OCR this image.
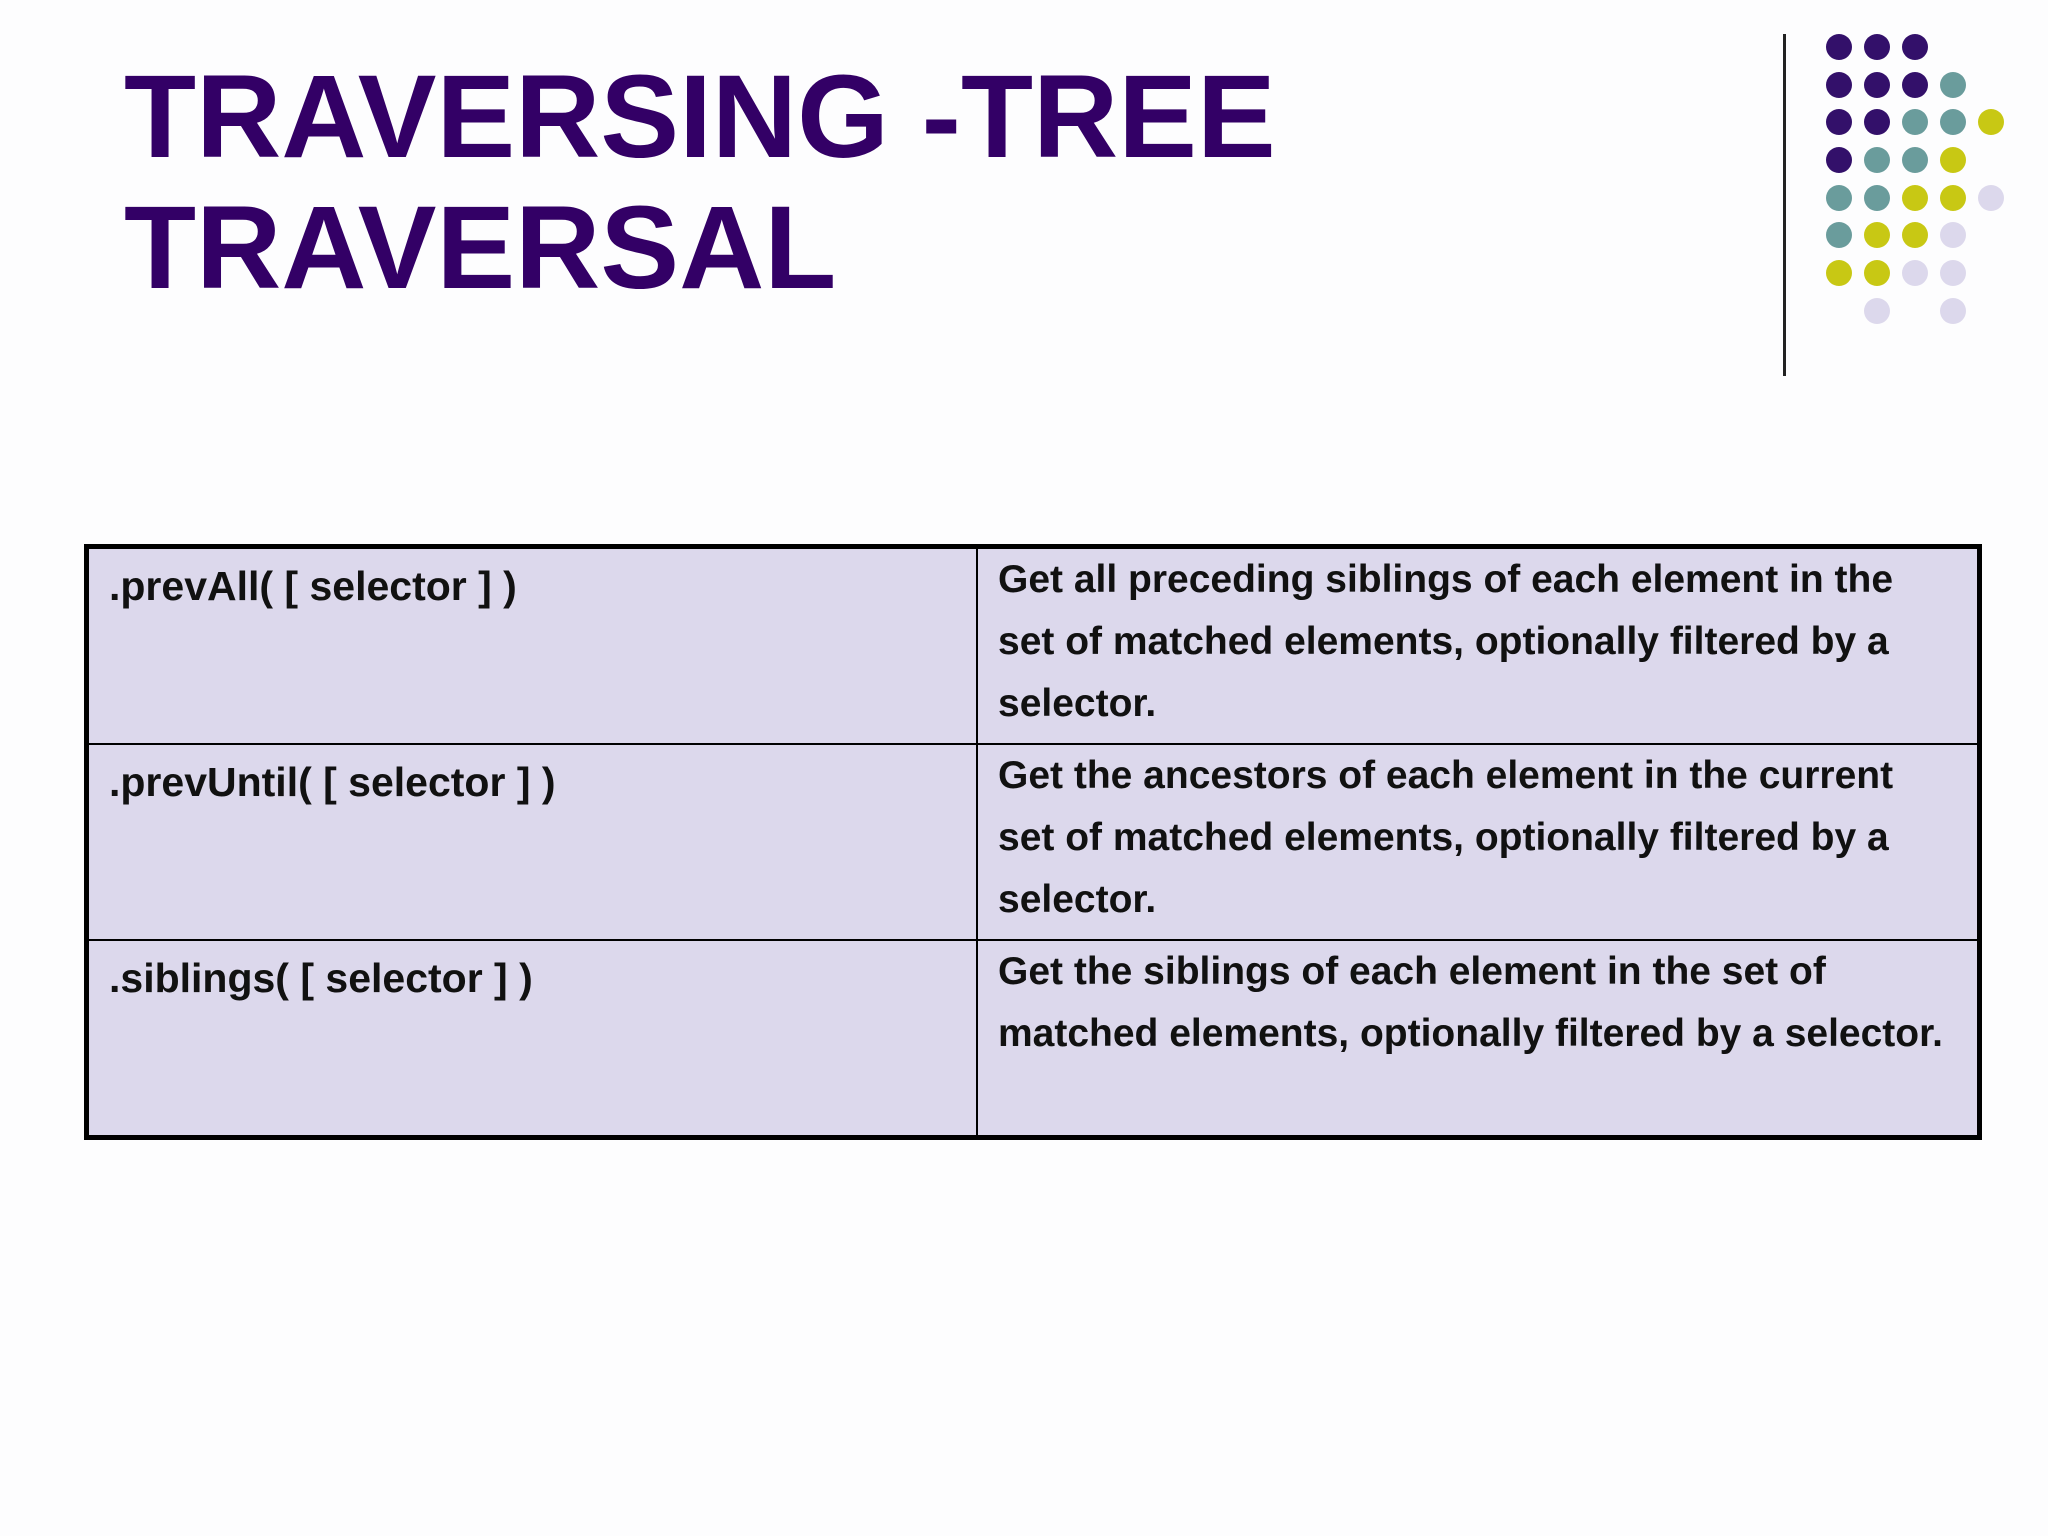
TRAVERSING -TREE
TRAVERSAL
.prevAll( [ selector ] )	Get all preceding siblings of each element in the set of matched elements, optionally filtered by a selector.
.prevUntil( [ selector ] )	Get the ancestors of each element in the current set of matched elements, optionally filtered by a selector.
.siblings( [ selector ] )	Get the siblings of each element in the set of matched elements, optionally filtered by a selector.
